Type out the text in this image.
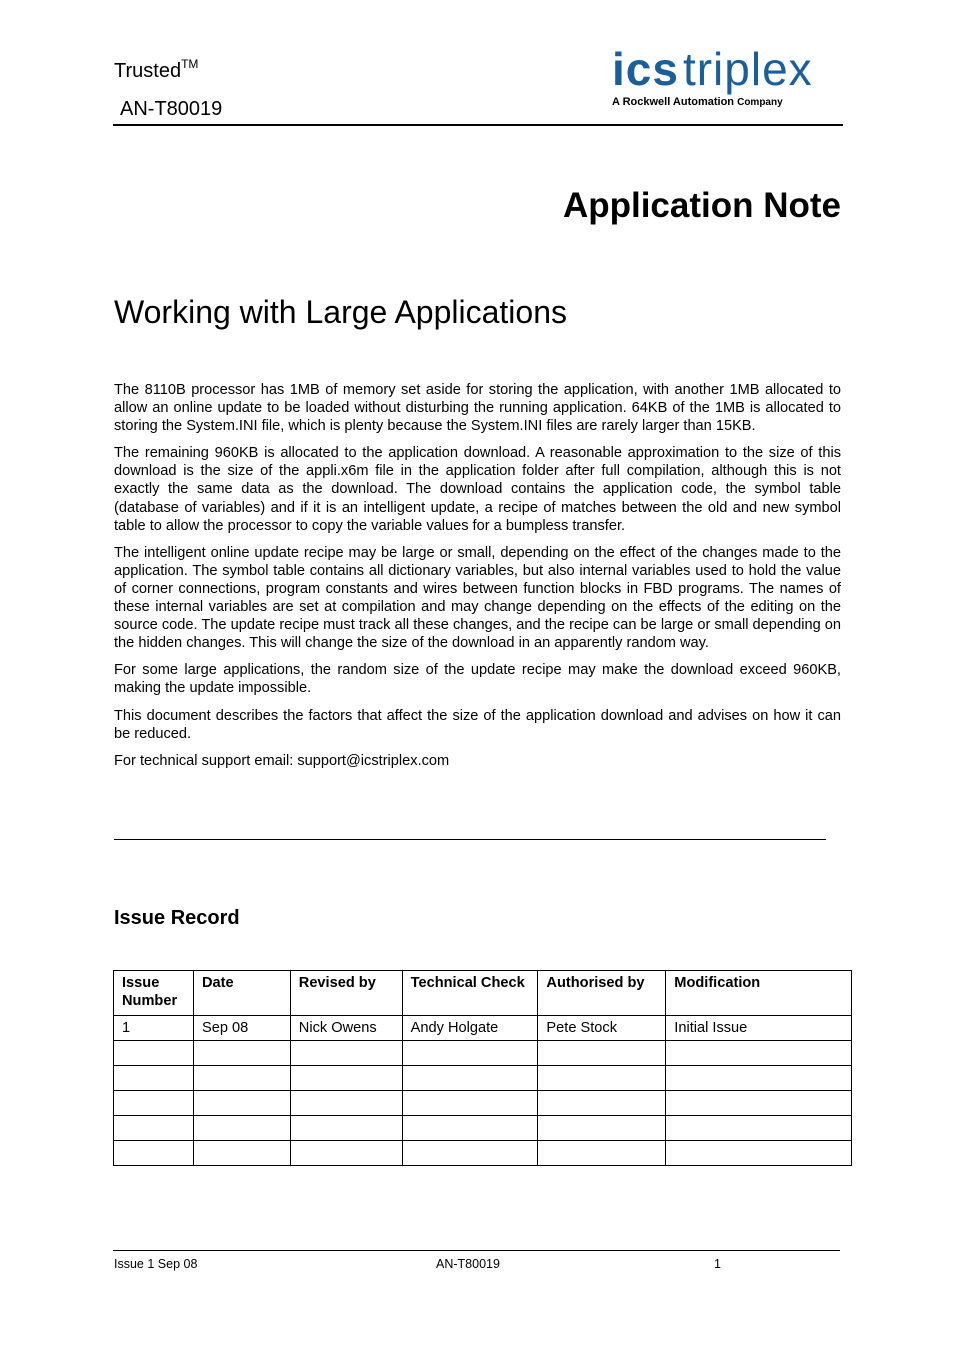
Trusted™
AN-T80019
icstriplex
A Rockwell Automation Company
Application Note
Working with Large Applications

The 8110B processor has 1MB of memory set aside for storing the application, with another 1MB allocated to allow an online update to be loaded without disturbing the running application. 64KB of the 1MB is allocated to storing the System.INI file, which is plenty because the System.INI files are rarely larger than 15KB.

The remaining 960KB is allocated to the application download. A reasonable approximation to the size of this download is the size of the appli.x6m file in the application folder after full compilation, although this is not exactly the same data as the download. The download contains the application code, the symbol table (database of variables) and if it is an intelligent update, a recipe of matches between the old and new symbol table to allow the processor to copy the variable values for a bumpless transfer.

The intelligent online update recipe may be large or small, depending on the effect of the changes made to the application. The symbol table contains all dictionary variables, but also internal variables used to hold the value of corner connections, program constants and wires between function blocks in FBD programs. The names of these internal variables are set at compilation and may change depending on the effects of the editing on the source code. The update recipe must track all these changes, and the recipe can be large or small depending on the hidden changes. This will change the size of the download in an apparently random way.

For some large applications, the random size of the update recipe may make the download exceed 960KB, making the update impossible.

This document describes the factors that affect the size of the application download and advises on how it can be reduced.

For technical support email: support@icstriplex.com

Issue Record
Issue Number	Date	Revised by	Technical Check	Authorised by	Modification
1	Sep 08	Nick Owens	Andy Holgate	Pete Stock	Initial Issue

Issue 1 Sep 08	AN-T80019	1
